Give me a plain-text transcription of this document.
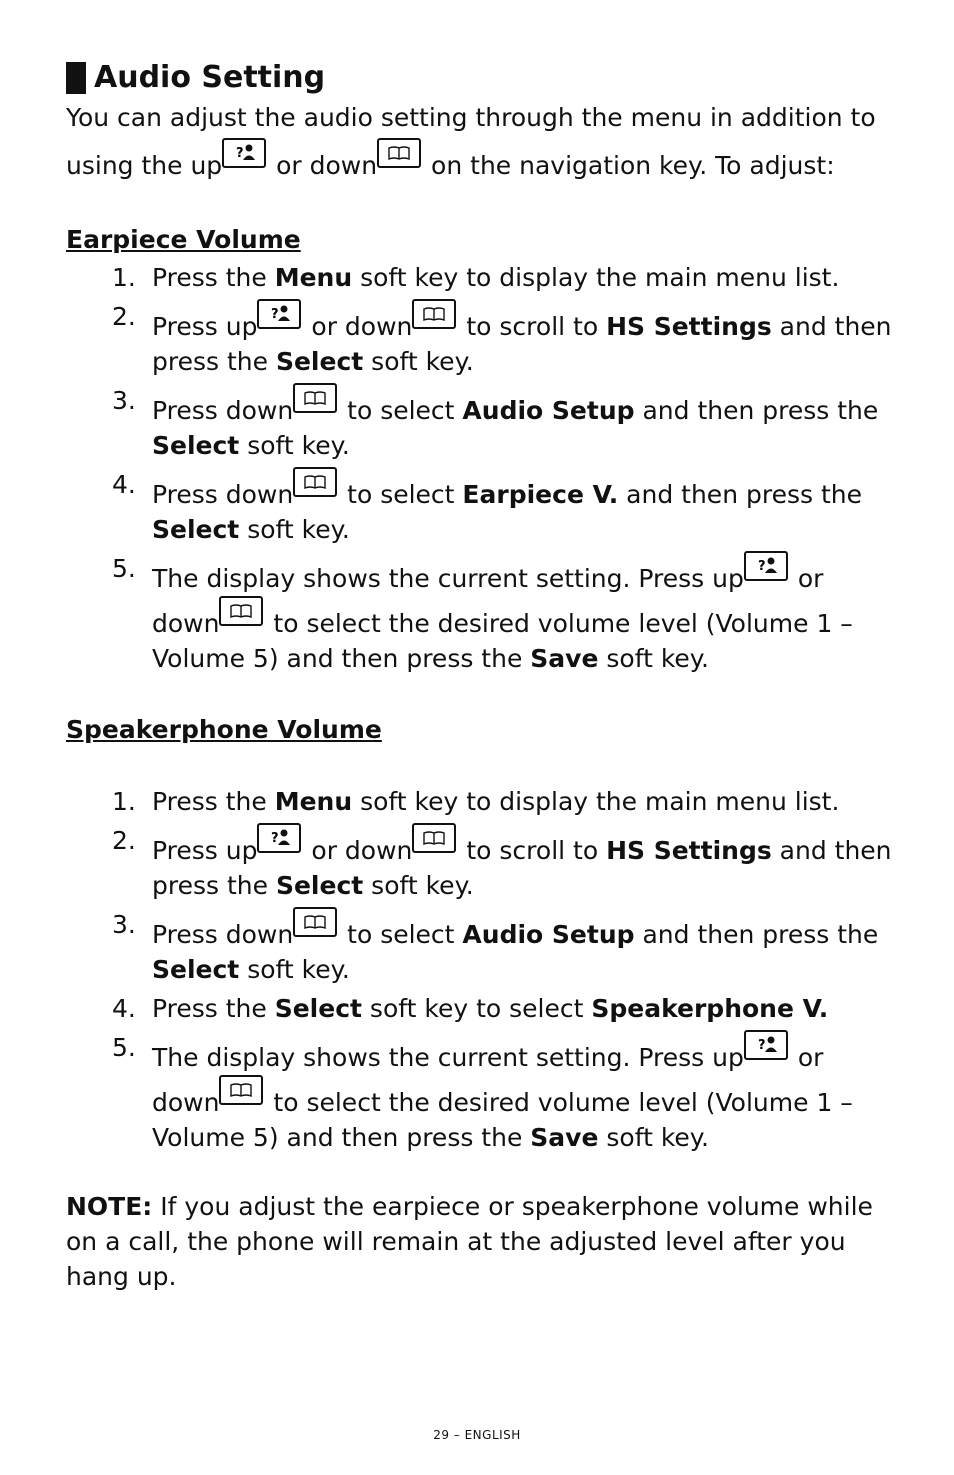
Audio Setting

You can adjust the audio setting through the menu in addition to using the up ? or down
on the navigation key. To adjust:

Earpiece Volume
1. Press the Menu soft key to display the main menu list.
2. Press up ? or down
to scroll to HS Settings and then press the Select soft key.
3. Press down
to select Audio Setup and then press the Select soft key.
4. Press down
to select Earpiece V. and then press the Select soft key.
5. The display shows the current setting. Press up ? or down
to select the desired volume level (Volume 1 – Volume 5) and then press the Save soft key.
Speakerphone Volume
1. Press the Menu soft key to display the main menu list.
2. Press up ? or down
to scroll to HS Settings and then press the Select soft key.
3. Press down
to select Audio Setup and then press the Select soft key.
4. Press the Select soft key to select Speakerphone V.
5. The display shows the current setting. Press up ? or down
to select the desired volume level (Volume 1 – Volume 5) and then press the Save soft key.
NOTE: If you adjust the earpiece or speakerphone volume while on a call, the phone will remain at the adjusted level after you hang up.
29 – ENGLISH
